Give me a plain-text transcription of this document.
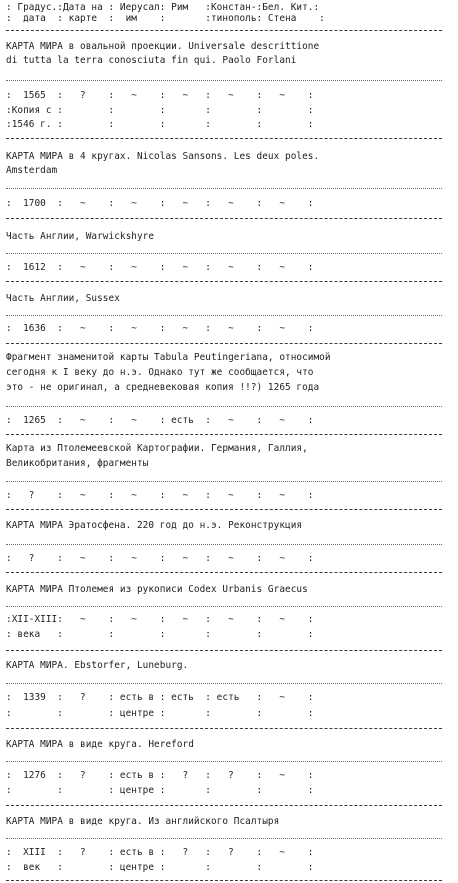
: Градус.:Дата на : Иерусал: Рим   :Констан-:Бел. Кит.:
:  дата  : карте  :  им    :       :тинополь: Стена    :
КАРТА МИРА в овальной проекции. Universale descrittione
di tutta la terra conosciuta fin qui. Paolo Forlani
:  1565  :   ?    :   ~    :   ~   :   ~    :   ~    :
:Копия с :        :        :       :        :        :
:1546 г. :        :        :       :        :        :
КАРТА МИРА в 4 кругах. Nicolas Sansons. Les deux poles.
Amsterdam
:  1700  :   ~    :   ~    :   ~   :   ~    :   ~    :
Часть Англии, Warwickshyre
:  1612  :   ~    :   ~    :   ~   :   ~    :   ~    :
Часть Англии, Sussex
:  1636  :   ~    :   ~    :   ~   :   ~    :   ~    :
Фрагмент знаменитой карты Tabula Peutingeriana, относимой
сегодня к I веку до н.э. Однако тут же сообщается, что
это - не оригинал, а средневековая копия !!?) 1265 года
:  1265  :   ~    :   ~    : есть  :   ~    :   ~    :
Карта из Птолемеевской Картографии. Германия, Галлия,
Великобритания, фрагменты
:   ?    :   ~    :   ~    :   ~   :   ~    :   ~    :
КАРТА МИРА Эратосфена. 220 год до н.э. Реконструкция
:   ?    :   ~    :   ~    :   ~   :   ~    :   ~    :
КАРТА МИРА Птолемея из рукописи Codex Urbanis Graecus
:XII-XIII:   ~    :   ~    :   ~   :   ~    :   ~    :
: века   :        :        :       :        :        :
КАРТА МИРА. Ebstorfer, Luneburg.
:  1339  :   ?    : есть в : есть  : есть   :   ~    :
:        :        : центре :       :        :        :
КАРТА МИРА в виде круга. Hereford
:  1276  :   ?    : есть в :   ?   :   ?    :   ~    :
:        :        : центре :       :        :        :
КАРТА МИРА в виде круга. Из английского Псалтыря
:  XIII  :   ?    : есть в :   ?   :   ?    :   ~    :
:  век   :        : центре :       :        :        :
